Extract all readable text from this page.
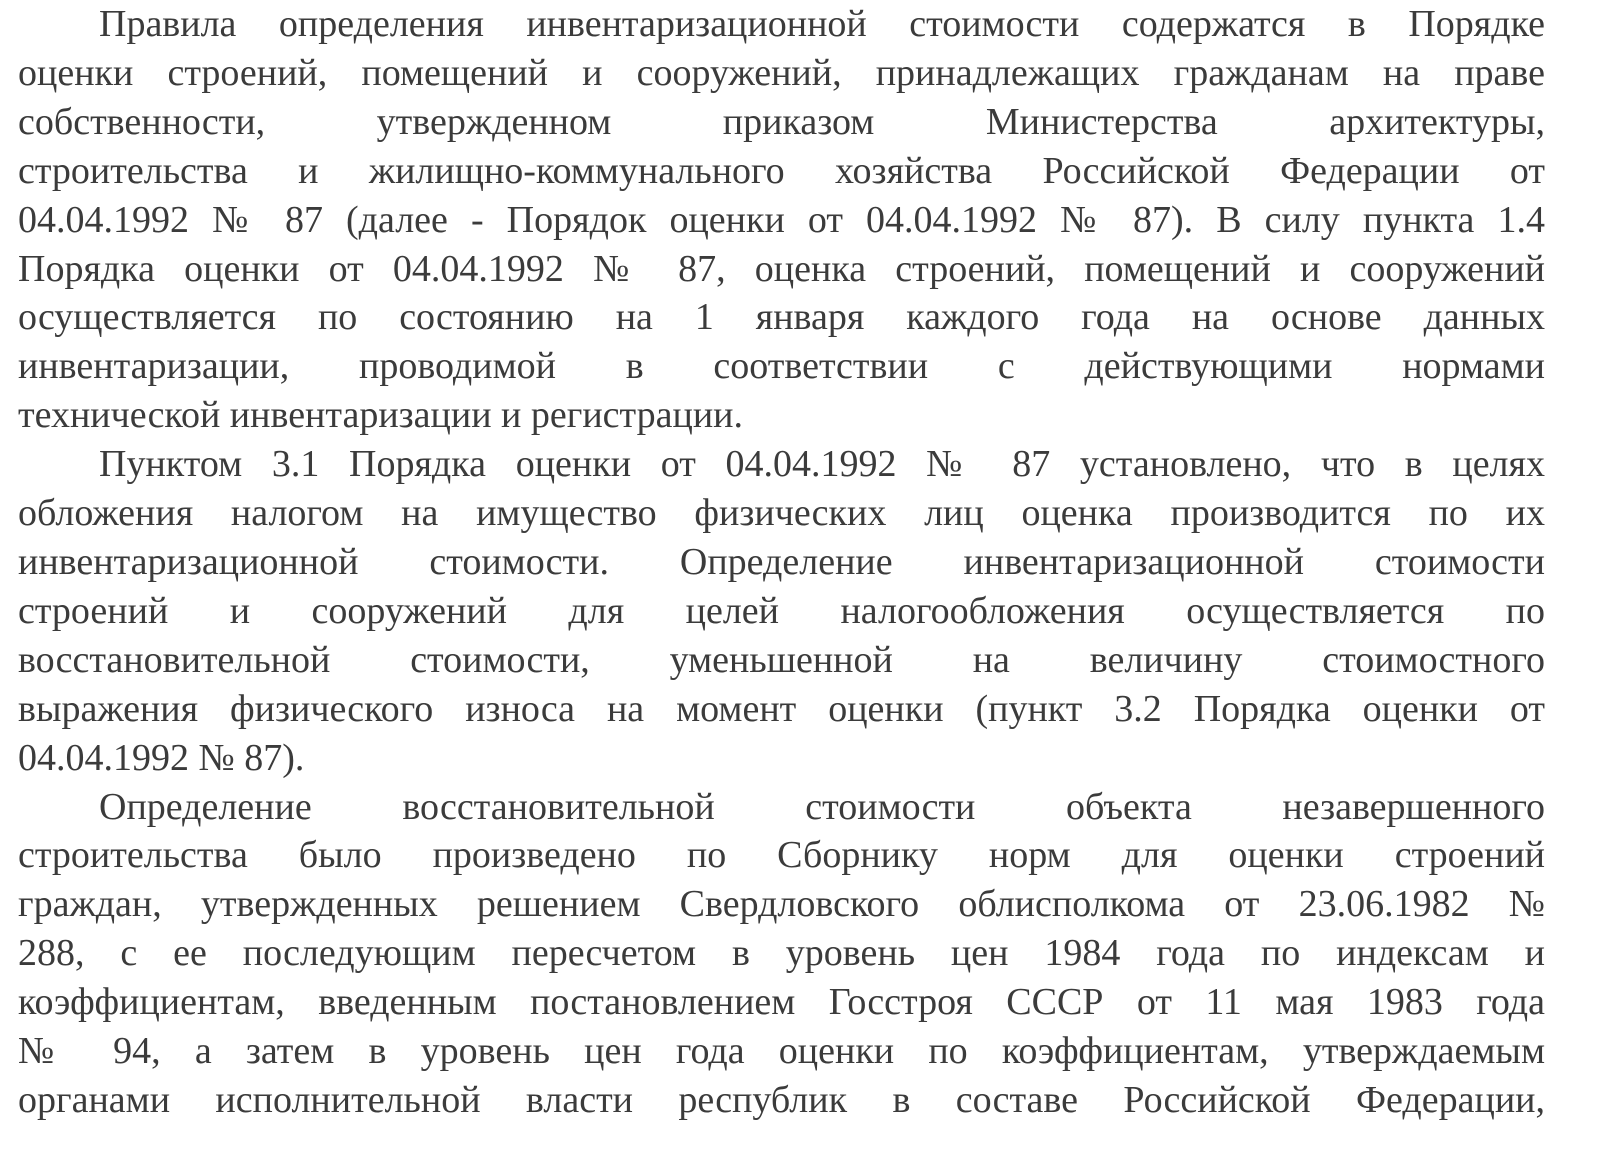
Правила определения инвентаризационной стоимости содержатся в Порядке
оценки строений, помещений и сооружений, принадлежащих гражданам на праве
собственности, утвержденном приказом Министерства архитектуры,
строительства и жилищно-коммунального хозяйства Российской Федерации от
04.04.1992 № 87 (далее - Порядок оценки от 04.04.1992 № 87). В силу пункта 1.4
Порядка оценки от 04.04.1992 № 87, оценка строений, помещений и сооружений
осуществляется по состоянию на 1 января каждого года на основе данных
инвентаризации, проводимой в соответствии с действующими нормами
технической инвентаризации и регистрации.
Пунктом 3.1 Порядка оценки от 04.04.1992 № 87 установлено, что в целях
обложения налогом на имущество физических лиц оценка производится по их
инвентаризационной стоимости. Определение инвентаризационной стоимости
строений и сооружений для целей налогообложения осуществляется по
восстановительной стоимости, уменьшенной на величину стоимостного
выражения физического износа на момент оценки (пункт 3.2 Порядка оценки от
04.04.1992 № 87).
Определение восстановительной стоимости объекта незавершенного
строительства было произведено по Сборнику норм для оценки строений
граждан, утвержденных решением Свердловского облисполкома от 23.06.1982 №
288, с ее последующим пересчетом в уровень цен 1984 года по индексам и
коэффициентам, введенным постановлением Госстроя СССР от 11 мая 1983 года
№ 94, а затем в уровень цен года оценки по коэффициентам, утверждаемым
органами исполнительной власти республик в составе Российской Федерации,
